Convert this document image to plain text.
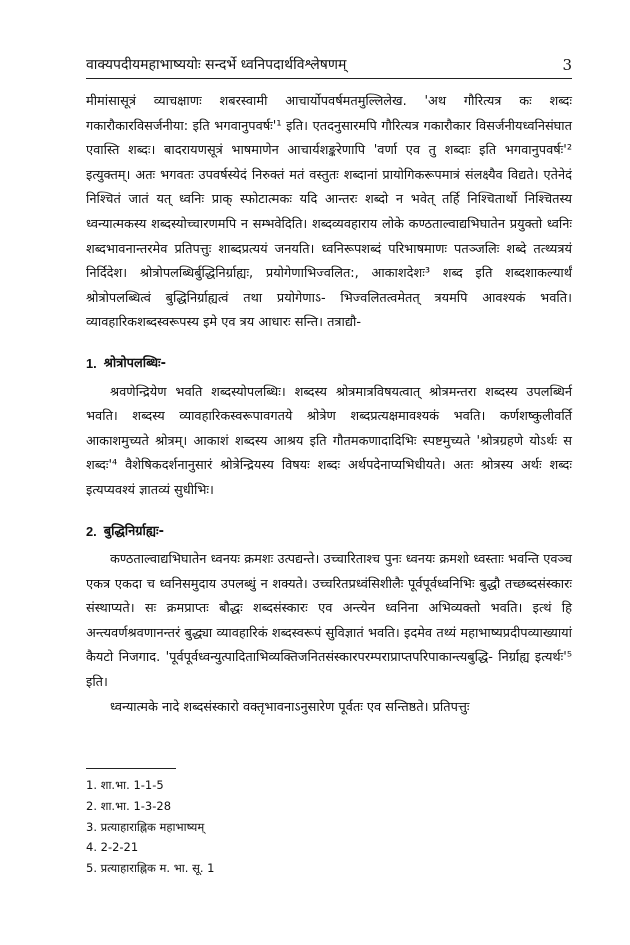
वाक्यपदीयमहाभाष्ययोः सन्दर्भे ध्वनिपदार्थविश्लेषणम्	3

मीमांसासूत्रं व्याचक्षाणः शबरस्वामी आचार्योपवर्षमतमुल्लिलेख. 'अथ गौरित्यत्र कः शब्दः गकारौकारविसर्जनीया: इति भगवानुपवर्षः'¹ इति। एतदनुसारमपि गौरित्यत्र गकारौकार विसर्जनीयध्वनिसंघात एवास्ति शब्दः। बादरायणसूत्रं भाषमाणेन आचार्यशङ्करेणापि 'वर्णा एव तु शब्दाः इति भगवानुपवर्षः'² इत्युक्तम्। अतः भगवतः उपवर्षस्येदं निरुक्तं मतं वस्तुतः शब्दानां प्रायोगिकरूपमात्रं संलक्ष्यैव विद्यते। एतेनेदं निश्चितं जातं यत् ध्वनिः प्राक् स्फोटात्मकः यदि आन्तरः शब्दो न भवेत् तर्हि निश्चितार्थो निश्चितस्य ध्वन्यात्मकस्य शब्दस्योच्चारणमपि न सम्भवेदिति। शब्दव्यवहाराय लोके कण्ठताल्वाद्यभिघातेन प्रयुक्तो ध्वनिः शब्दभावनान्तरमेव प्रतिपत्तुः शाब्दप्रत्ययं जनयति। ध्वनिरूपशब्दं परिभाषमाणः पतञ्जलिः शब्दे तत्थ्यत्रयं निर्दिदेश। श्रोत्रोपलब्धिर्बुद्धिनिर्ग्राह्यः, प्रयोगेणाभिज्वलित:, आकाशदेशः³ शब्द इति शब्दशाकल्यार्थं श्रोत्रोपलब्धित्वं बुद्धिनिर्ग्राह्यत्वं तथा प्रयोगेणाऽ- भिज्वलितत्वमेतत् त्रयमपि आवश्यकं भवति। व्यावहारिकशब्दस्वरूपस्य इमे एव त्रय आधारः सन्ति। तत्राद्यौ-

1. श्रोत्रोपलब्धिः-

श्रवणेन्द्रियेण भवति शब्दस्योपलब्धिः। शब्दस्य श्रोत्रमात्रविषयत्वात् श्रोत्रमन्तरा शब्दस्य उपलब्धिर्न भवति। शब्दस्य व्यावहारिकस्वरूपावगतये श्रोत्रेण शब्दप्रत्यक्षमावश्यकं भवति। कर्णशष्कुलीवर्ति आकाशमुच्यते श्रोत्रम्। आकाशं शब्दस्य आश्रय इति गौतमकणादादिभिः स्पष्टमुच्यते 'श्रोत्रग्रहणे योऽर्थः स शब्दः'⁴ वैशेषिकदर्शनानुसारं श्रोत्रेन्द्रियस्य विषयः शब्दः अर्थपदेनाप्यभिधीयते। अतः श्रोत्रस्य अर्थः शब्दः इत्यप्यवश्यं ज्ञातव्यं सुधीभिः।

2. बुद्धिनिर्ग्राह्यः-

कण्ठताल्वाद्यभिघातेन ध्वनयः क्रमशः उत्पद्यन्ते। उच्चारिताश्च पुनः ध्वनयः क्रमशो ध्वस्ताः भवन्ति एवञ्च एकत्र एकदा च ध्वनिसमुदाय उपलब्धुं न शक्यते। उच्चरितप्रध्वंसिशीलैः पूर्वपूर्वध्वनिभिः बुद्धौ तच्छब्दसंस्कारः संस्थाप्यते। सः क्रमप्राप्तः बौद्धः शब्दसंस्कारः एव अन्त्येन ध्वनिना अभिव्यक्तो भवति। इत्थं हि अन्त्यवर्णश्रवणानन्तरं बुद्ध्या व्यावहारिकं शब्दस्वरूपं सुविज्ञातं भवति। इदमेव तथ्यं महाभाष्यप्रदीपव्याख्यायां कैयटो निजगाद. 'पूर्वपूर्वध्वन्युत्पादिताभिव्यक्तिजनितसंस्कारपरम्पराप्राप्तपरिपाकान्त्यबुद्धि- निर्ग्राह्य इत्यर्थः'⁵ इति।

ध्वन्यात्मके नादे शब्दसंस्कारो वक्तृभावनाऽनुसारेण पूर्वतः एव सन्तिष्ठते। प्रतिपत्तुः

1. शा.भा. 1-1-5
2. शा.भा. 1-3-28
3. प्रत्याहाराह्निक महाभाष्यम्
4. 2-2-21
5. प्रत्याहाराह्निक म. भा. सू. 1
